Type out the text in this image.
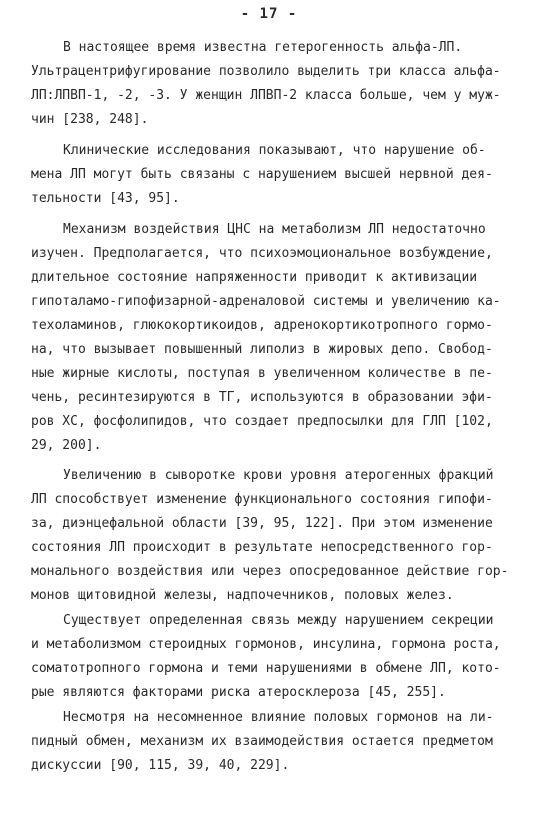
- 17 -
В настоящее время известна гетерогенность альфа-ЛП.
Ультрацентрифугирование позволило выделить три класса альфа-
ЛП:ЛПВП-1, -2, -3. У женщин ЛПВП-2 класса больше, чем у муж-
чин [238, 248].
Клинические исследования показывают, что нарушение об-
мена ЛП могут быть связаны с нарушением высшей нервной дея-
тельности [43, 95].
Механизм воздействия ЦНС на метаболизм ЛП недостаточно
изучен. Предполагается, что психоэмоциональное возбуждение,
длительное состояние напряженности приводит к активизации
гипоталамо-гипофизарной-адреналовой системы и увеличению ка-
техоламинов, глюкокортикоидов, адренокортикотропного гормо-
на, что вызывает повышенный липолиз в жировых депо. Свобод-
ные жирные кислоты, поступая в увеличенном количестве в пе-
чень, ресинтезируются в ТГ, используются в образовании эфи-
ров ХС, фосфолипидов, что создает предпосылки для ГЛП [102,
29, 200].
Увеличению в сыворотке крови уровня атерогенных фракций
ЛП способствует изменение функционального состояния гипофи-
за, диэнцефальной области [39, 95, 122]. При этом изменение
состояния ЛП происходит в результате непосредственного гор-
монального воздействия или через опосредованное действие гор-
монов щитовидной железы, надпочечников, половых желез.
Существует определенная связь между нарушением секреции
и метаболизмом стероидных гормонов, инсулина, гормона роста,
соматотропного гормона и теми нарушениями в обмене ЛП, кото-
рые являются факторами риска атеросклероза [45, 255].
Несмотря на несомненное влияние половых гормонов на ли-
пидный обмен, механизм их взаимодействия остается предметом
дискуссии [90, 115, 39, 40, 229].
